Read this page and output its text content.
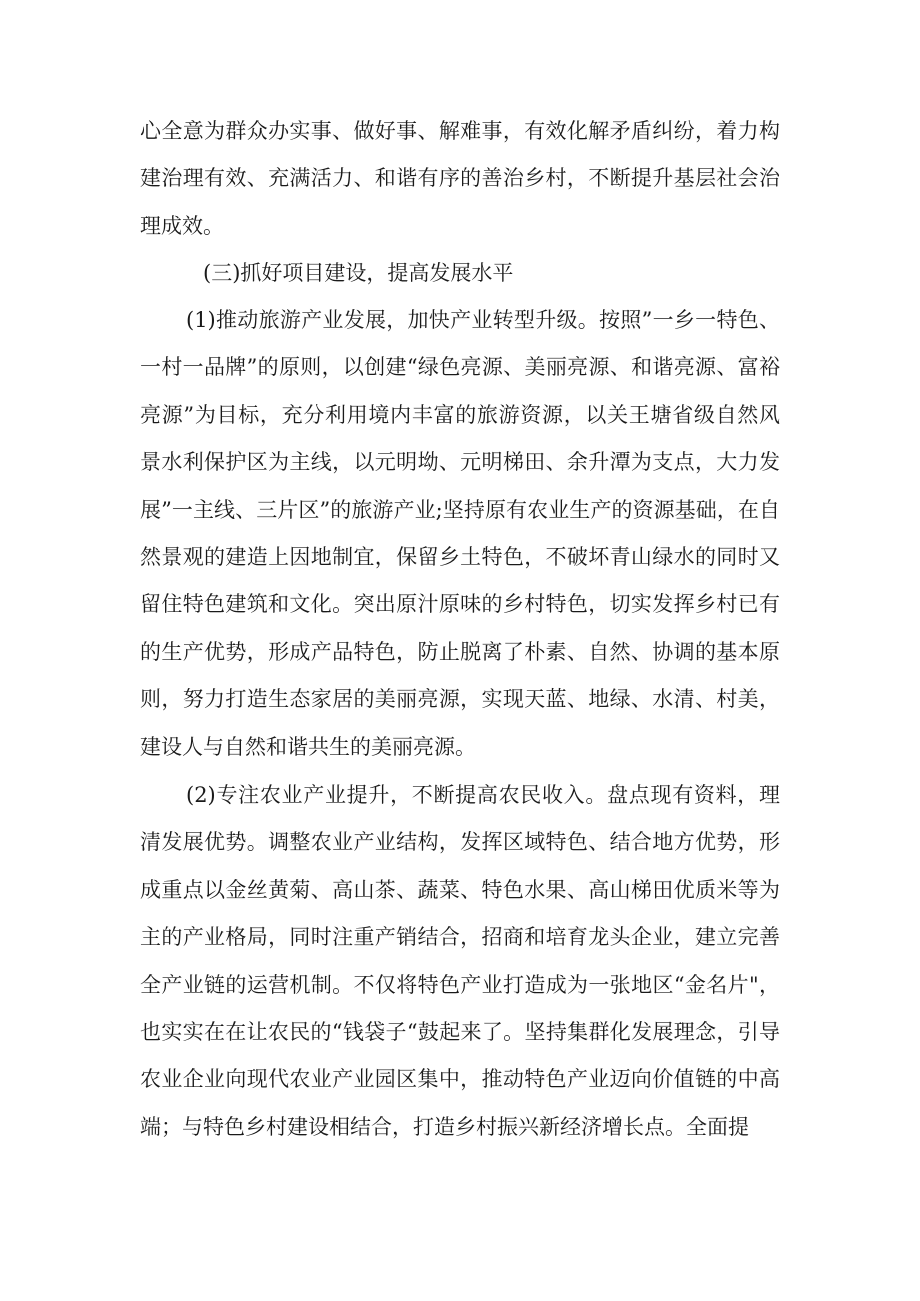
心全意为群众办实事、做好事、解难事，有效化解矛盾纠纷，着力构建治理有效、充满活力、和谐有序的善治乡村，不断提升基层社会治理成效。

(三)抓好项目建设，提高发展水平

(1)推动旅游产业发展，加快产业转型升级。按照”一乡一特色、一村一品牌”的原则，以创建“绿色亮源、美丽亮源、和谐亮源、富裕亮源”为目标，充分利用境内丰富的旅游资源，以关王塘省级自然风景水利保护区为主线，以元明坳、元明梯田、余升潭为支点，大力发展”一主线、三片区”的旅游产业;坚持原有农业生产的资源基础，在自然景观的建造上因地制宜，保留乡土特色，不破坏青山绿水的同时又留住特色建筑和文化。突出原汁原味的乡村特色，切实发挥乡村已有的生产优势，形成产品特色，防止脱离了朴素、自然、协调的基本原则，努力打造生态家居的美丽亮源，实现天蓝、地绿、水清、村美，建设人与自然和谐共生的美丽亮源。

(2)专注农业产业提升，不断提高农民收入。盘点现有资料，理清发展优势。调整农业产业结构，发挥区域特色、结合地方优势，形成重点以金丝黄菊、高山茶、蔬菜、特色水果、高山梯田优质米等为主的产业格局，同时注重产销结合，招商和培育龙头企业，建立完善全产业链的运营机制。不仅将特色产业打造成为一张地区“金名片"，也实实在在让农民的“钱袋子“鼓起来了。坚持集群化发展理念，引导农业企业向现代农业产业园区集中，推动特色产业迈向价值链的中高端；与特色乡村建设相结合，打造乡村振兴新经济增长点。全面提
